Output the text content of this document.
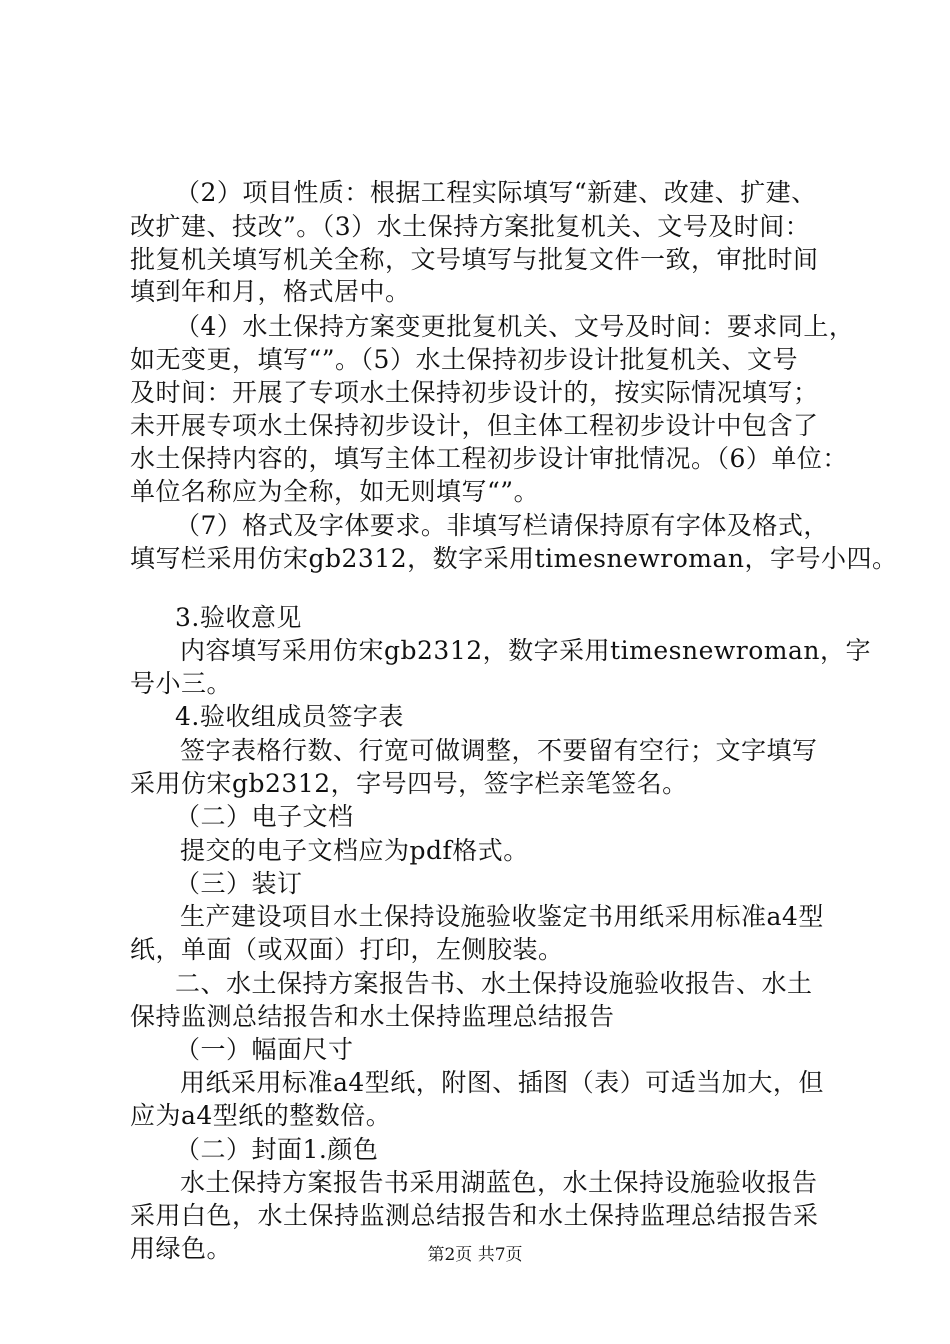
（2）项目性质：根据工程实际填写“新建、改建、扩建、
改扩建、技改”。（3）水土保持方案批复机关、文号及时间：
批复机关填写机关全称，文号填写与批复文件一致，审批时间
填到年和月，格式居中。
（4）水土保持方案变更批复机关、文号及时间：要求同上，
如无变更，填写“”。（5）水土保持初步设计批复机关、文号
及时间：开展了专项水土保持初步设计的，按实际情况填写；
未开展专项水土保持初步设计，但主体工程初步设计中包含了
水土保持内容的，填写主体工程初步设计审批情况。（6）单位：
单位名称应为全称，如无则填写“”。
（7）格式及字体要求。非填写栏请保持原有字体及格式，
填写栏采用仿宋gb2312，数字采用timesnewroman，字号小四。
3.验收意见
内容填写采用仿宋gb2312，数字采用timesnewroman，字
号小三。
4.验收组成员签字表
签字表格行数、行宽可做调整，不要留有空行；文字填写
采用仿宋gb2312，字号四号，签字栏亲笔签名。
（二）电子文档
提交的电子文档应为pdf格式。
（三）装订
生产建设项目水土保持设施验收鉴定书用纸采用标准a4型
纸，单面（或双面）打印，左侧胶装。
二、水土保持方案报告书、水土保持设施验收报告、水土
保持监测总结报告和水土保持监理总结报告
（一）幅面尺寸
用纸采用标准a4型纸，附图、插图（表）可适当加大，但
应为a4型纸的整数倍。
（二）封面1.颜色
水土保持方案报告书采用湖蓝色，水土保持设施验收报告
采用白色，水土保持监测总结报告和水土保持监理总结报告采
用绿色。	第2页 共7页
